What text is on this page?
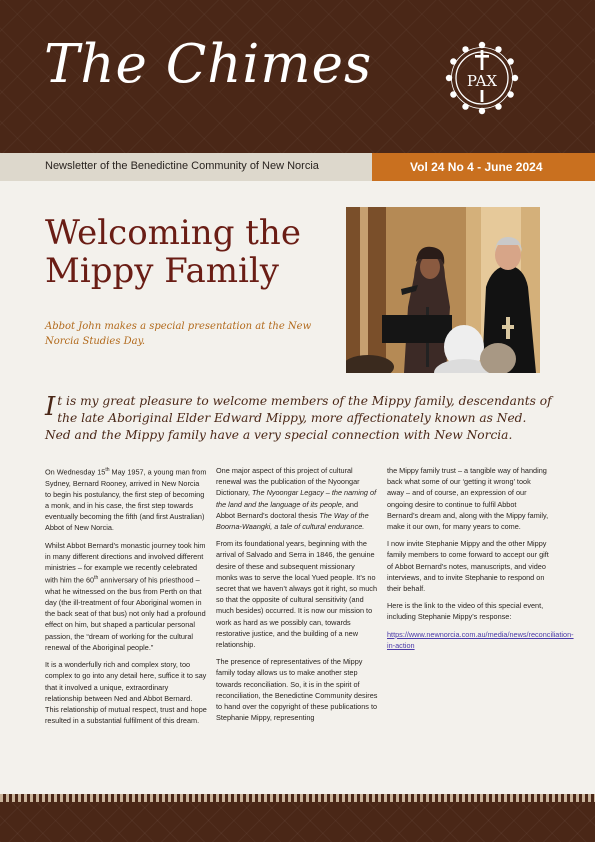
The Chimes	PAX
Newsletter of the Benedictine Community of New Norcia	Vol 24 No 4 - June 2024
Welcoming the Mippy Family
Abbot John makes a special presentation at the New Norcia Studies Day.
It is my great pleasure to welcome members of the Mippy family, descendants of the late Aboriginal Elder Edward Mippy, more affectionately known as Ned. Ned and the Mippy family have a very special connection with New Norcia.

On Wednesday 15th May 1957, a young man from Sydney, Bernard Rooney, arrived in New Norcia to begin his postulancy, the first step of becoming a monk, and in his case, the first step towards eventually becoming the fifth (and first Australian) Abbot of New Norcia.

Whilst Abbot Bernard’s monastic journey took him in many different directions and involved different ministries – for example we recently celebrated with him the 60th anniversary of his priesthood – what he witnessed on the bus from Perth on that day (the ill-treatment of four Aboriginal women in the back seat of that bus) not only had a profound effect on him, but shaped a particular personal passion, the “dream of working for the cultural renewal of the Aboriginal people.”

It is a wonderfully rich and complex story, too complex to go into any detail here, suffice it to say that it involved a unique, extraordinary relationship between Ned and Abbot Bernard. This relationship of mutual respect, trust and hope resulted in a substantial fulfilment of this dream.

One major aspect of this project of cultural renewal was the publication of the Nyoongar Dictionary, The Nyoongar Legacy – the naming of the land and the language of its people, and Abbot Bernard’s doctoral thesis The Way of the Boorna-Waangki, a tale of cultural endurance.

From its foundational years, beginning with the arrival of Salvado and Serra in 1846, the genuine desire of these and subsequent missionary monks was to serve the local Yued people. It’s no secret that we haven’t always got it right, so much so that the opposite of cultural sensitivity (and much besides) occurred. It is now our mission to work as hard as we possibly can, towards restorative justice, and the building of a new relationship.

The presence of representatives of the Mippy family today allows us to make another step towards reconciliation. So, it is in the spirit of reconciliation, the Benedictine Community desires to hand over the copyright of these publications to Stephanie Mippy, representing

the Mippy family trust – a tangible way of handing back what some of our ‘getting it wrong’ took away – and of course, an expression of our ongoing desire to continue to fulfil Abbot Bernard’s dream and, along with the Mippy family, make it our own, for many years to come.

I now invite Stephanie Mippy and the other Mippy family members to come forward to accept our gift of Abbot Bernard’s notes, manuscripts, and video interviews, and to invite Stephanie to respond on their behalf.

Here is the link to the video of this special event, including Stephanie Mippy’s response:

https://www.newnorcia.com.au/media/news/reconciliation-in-action
